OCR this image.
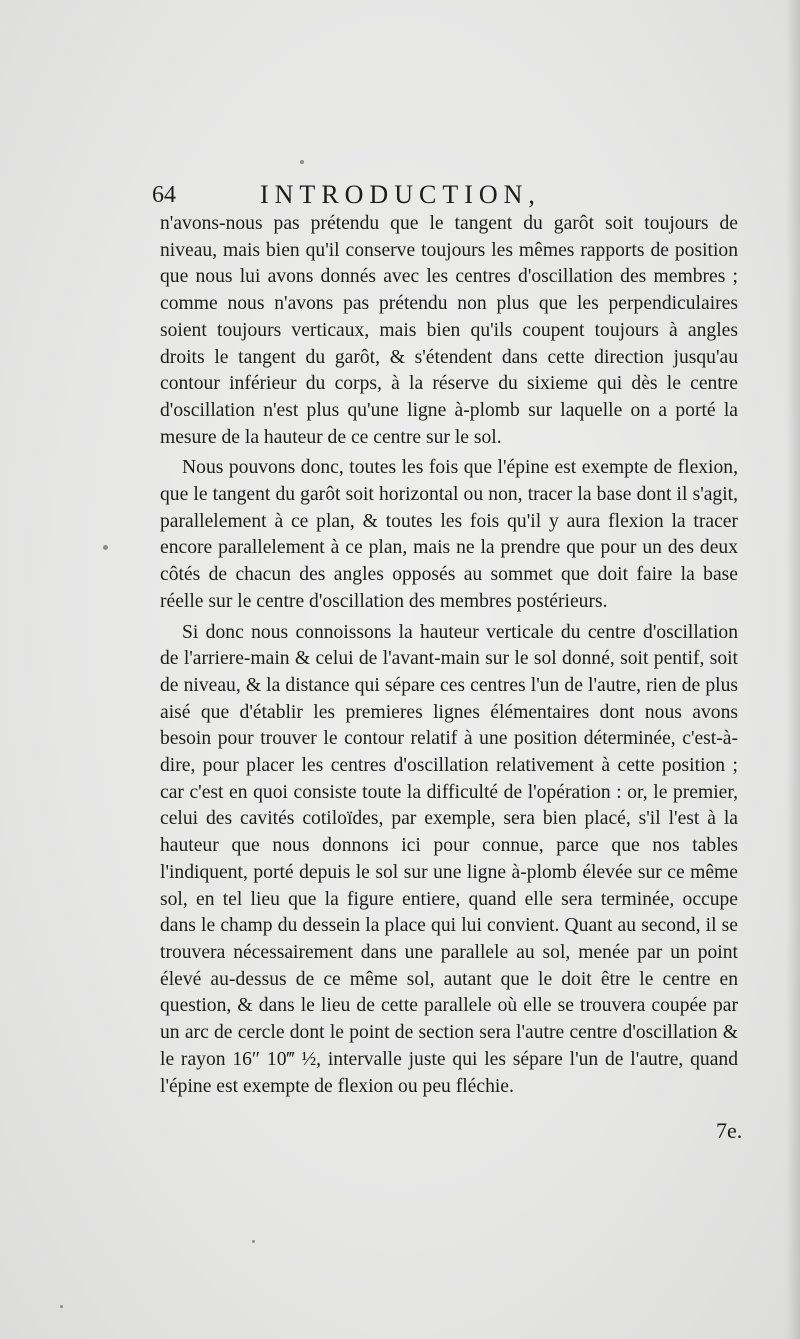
64	INTRODUCTION,

n'avons-nous pas prétendu que le tangent du garôt soit toujours de niveau, mais bien qu'il conserve toujours les mêmes rapports de position que nous lui avons donnés avec les centres d'oscillation des membres ; comme nous n'avons pas prétendu non plus que les perpendiculaires soient toujours verticaux, mais bien qu'ils coupent toujours à angles droits le tangent du garôt, & s'étendent dans cette direction jusqu'au contour inférieur du corps, à la réserve du sixieme qui dès le centre d'oscillation n'est plus qu'une ligne à-plomb sur laquelle on a porté la mesure de la hauteur de ce centre sur le sol.

Nous pouvons donc, toutes les fois que l'épine est exempte de flexion, que le tangent du garôt soit horizontal ou non, tracer la base dont il s'agit, parallelement à ce plan, & toutes les fois qu'il y aura flexion la tracer encore parallelement à ce plan, mais ne la prendre que pour un des deux côtés de chacun des angles opposés au sommet que doit faire la base réelle sur le centre d'oscillation des membres postérieurs.

Si donc nous connoissons la hauteur verticale du centre d'oscillation de l'arriere-main & celui de l'avant-main sur le sol donné, soit pentif, soit de niveau, & la distance qui sépare ces centres l'un de l'autre, rien de plus aisé que d'établir les premieres lignes élémentaires dont nous avons besoin pour trouver le contour relatif à une position déterminée, c'est-à-dire, pour placer les centres d'oscillation relativement à cette position ; car c'est en quoi consiste toute la difficulté de l'opération : or, le premier, celui des cavités cotiloïdes, par exemple, sera bien placé, s'il l'est à la hauteur que nous donnons ici pour connue, parce que nos tables l'indiquent, porté depuis le sol sur une ligne à-plomb élevée sur ce même sol, en tel lieu que la figure entiere, quand elle sera terminée, occupe dans le champ du dessein la place qui lui convient. Quant au second, il se trouvera nécessairement dans une parallele au sol, menée par un point élevé au-dessus de ce même sol, autant que le doit être le centre en question, & dans le lieu de cette parallele où elle se trouvera coupée par un arc de cercle dont le point de section sera l'autre centre d'oscillation & le rayon 16″ 10‴ ½, intervalle juste qui les sépare l'un de l'autre, quand l'épine est exempte de flexion ou peu fléchie.

7e.
